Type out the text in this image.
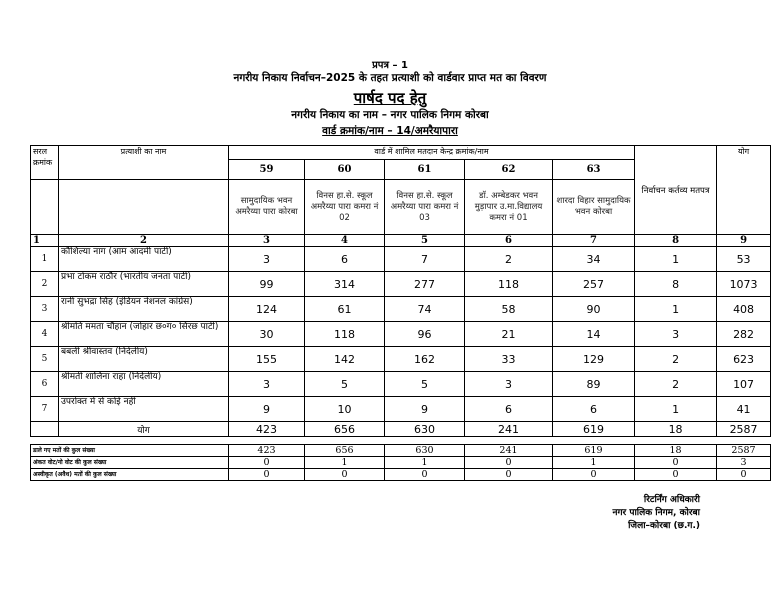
प्रपत्र – 1
नगरीय निकाय निर्वाचन–2025 के तहत प्रत्याशी को वार्डवार प्राप्त मत का विवरण
पार्षद पद हेतु
नगरीय निकाय का नाम – नगर पालिक निगम कोरबा
वार्ड क्रमांक/नाम – 14/अमरैयापारा
सरल क्रमांक	प्रत्याशी का नाम	वार्ड में शामिल मतदान केन्द्र क्रमांक/नाम					निर्वाचन कर्तव्य मतपत्र	योग
		59	60	61	62	63		
		सामुदायिक भवन अमरैय्या पारा कोरबा	विनस हा.से. स्कूल अमरैय्या पारा कमरा नं 02	विनस हा.से. स्कूल अमरैय्या पारा कमरा नं 03	डॉ. अम्बेडकर भवन मुड़ापार उ.मा.विद्यालय कमरा नं 01	शारदा विहार सामुदायिक भवन कोरबा		
1	2	3	4	5	6	7	8	9
1	कौशिल्या नाग (आम आदमी पार्टी)	3	6	7	2	34	1	53
2	प्रभा टोकम राठौर (भारतीय जनता पार्टी)	99	314	277	118	257	8	1073
3	रानी सुभद्रा सिंह (इंडियन नेशनल कांग्रेस)	124	61	74	58	90	1	408
4	श्रीमति ममता चौहान (जोहार छ०ग० सिरछ पार्टी)	30	118	96	21	14	3	282
5	बबली श्रीवास्तव (निर्दलीय)	155	142	162	33	129	2	623
6	श्रीमती शालिना राहा (निर्दलीय)	3	5	5	3	89	2	107
7	उपरोक्त में से कोई नहीं	9	10	9	6	6	1	41
	योग	423	656	630	241	619	18	2587
डाले गए मतों की कुल संख्या	423	656	630	241	619	18	2587
अंकत वोट/नो वोट की कुल संख्या	0	1	1	0	1	0	3
अस्वीकृत (अवैध) मतों की कुल संख्या	0	0	0	0	0	0	0
रिटर्निंग अधिकारी
नगर पालिक निगम, कोरबा
जिला–कोरबा (छ.ग.)
